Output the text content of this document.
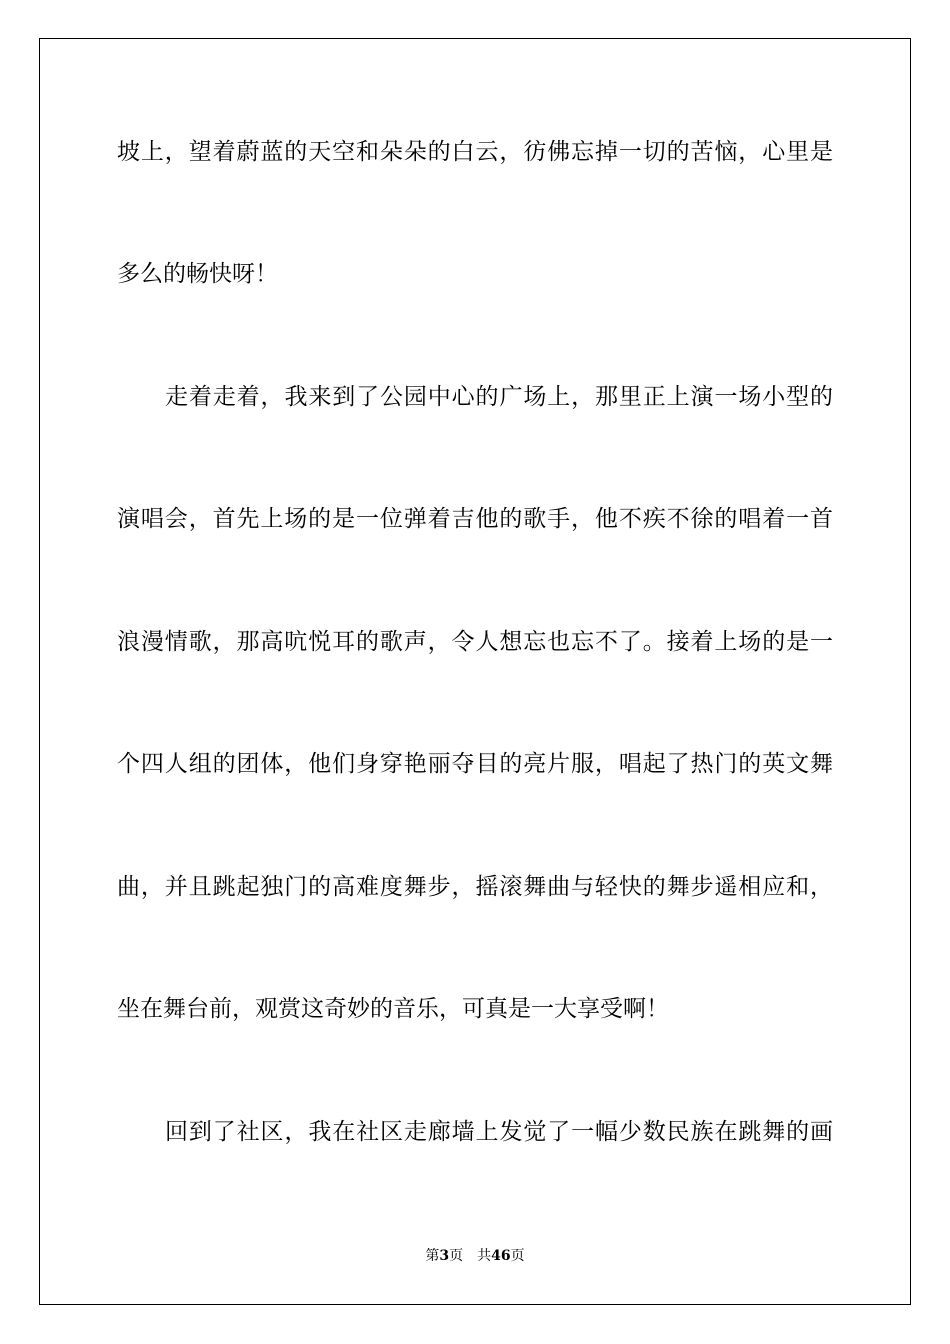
坡上，望着蔚蓝的天空和朵朵的白云，彷佛忘掉一切的苦恼，心里是
多么的畅快呀！
走着走着，我来到了公园中心的广场上，那里正上演一场小型的
演唱会，首先上场的是一位弹着吉他的歌手，他不疾不徐的唱着一首
浪漫情歌，那高吭悦耳的歌声，令人想忘也忘不了。接着上场的是一
个四人组的团体，他们身穿艳丽夺目的亮片服，唱起了热门的英文舞
曲，并且跳起独门的高难度舞步，摇滚舞曲与轻快的舞步遥相应和，
坐在舞台前，观赏这奇妙的音乐，可真是一大享受啊！
回到了社区，我在社区走廊墙上发觉了一幅少数民族在跳舞的画
第3页 共46页
